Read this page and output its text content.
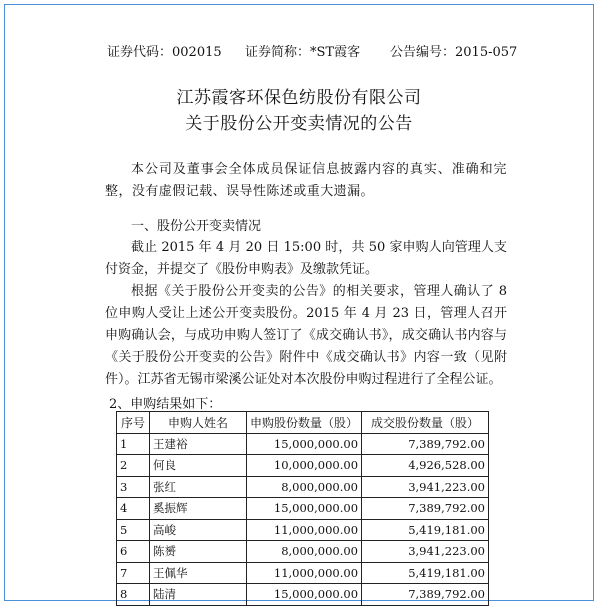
证券代码：002015 证券简称：*ST霞客 公告编号：2015-057
江苏霞客环保色纺股份有限公司
关于股份公开变卖情况的公告
本公司及董事会全体成员保证信息披露内容的真实、准确和完整，没有虚假记载、误导性陈述或重大遗漏。
一、股份公开变卖情况
截止 2015 年 4 月 20 日 15:00 时，共 50 家申购人向管理人支付资金，并提交了《股份申购表》及缴款凭证。
根据《关于股份公开变卖的公告》的相关要求，管理人确认了 8 位申购人受让上述公开变卖股份。2015 年 4 月 23 日，管理人召开申购确认会，与成功申购人签订了《成交确认书》，成交确认书内容与《关于股份公开变卖的公告》附件中《成交确认书》内容一致（见附件）。江苏省无锡市梁溪公证处对本次股份申购过程进行了全程公证。
2、申购结果如下：
序号	申购人姓名	申购股份数量（股）	成交股份数量（股）
1	王建裕	15,000,000.00	7,389,792.00
2	何良	10,000,000.00	4,926,528.00
3	张红	8,000,000.00	3,941,223.00
4	奚振辉	15,000,000.00	7,389,792.00
5	高峻	11,000,000.00	5,419,181.00
6	陈赟	8,000,000.00	3,941,223.00
7	王佩华	11,000,000.00	5,419,181.00
8	陆清	15,000,000.00	7,389,792.00
